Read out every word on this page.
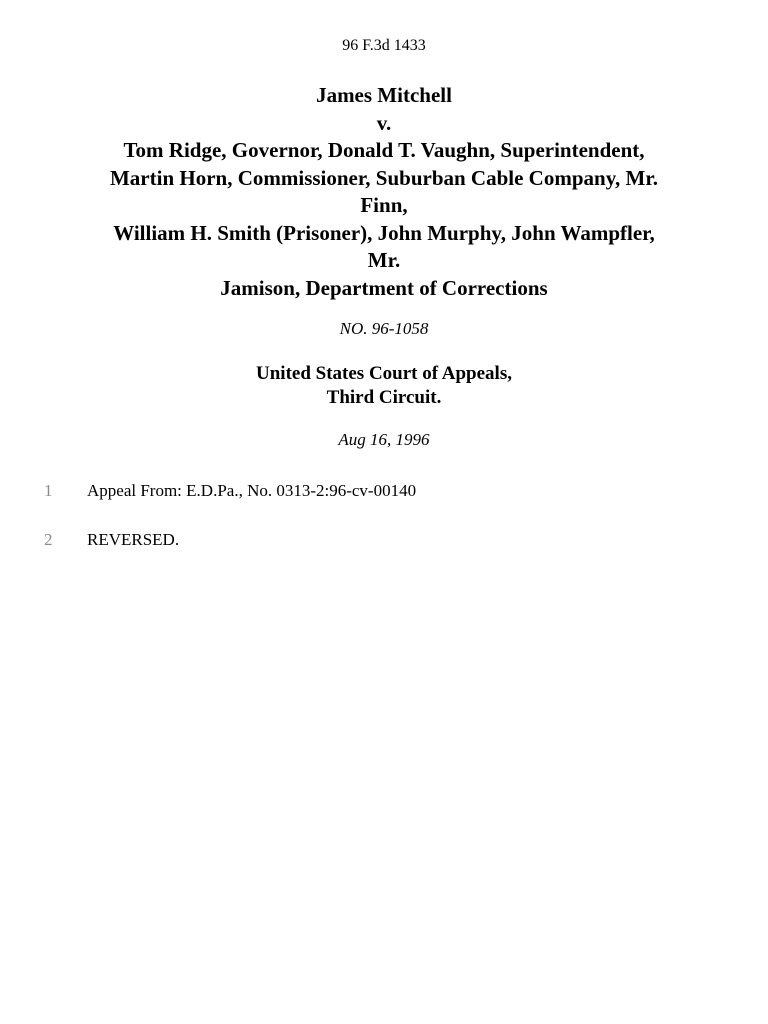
96 F.3d 1433
James Mitchell
v.
Tom Ridge, Governor, Donald T. Vaughn, Superintendent,
Martin Horn, Commissioner, Suburban Cable Company, Mr.
Finn,
William H. Smith (Prisoner), John Murphy, John Wampfler,
Mr.
Jamison, Department of Corrections
NO. 96-1058
United States Court of Appeals,
Third Circuit.
Aug 16, 1996
1 Appeal From: E.D.Pa., No. 0313-2:96-cv-00140
2 REVERSED.
